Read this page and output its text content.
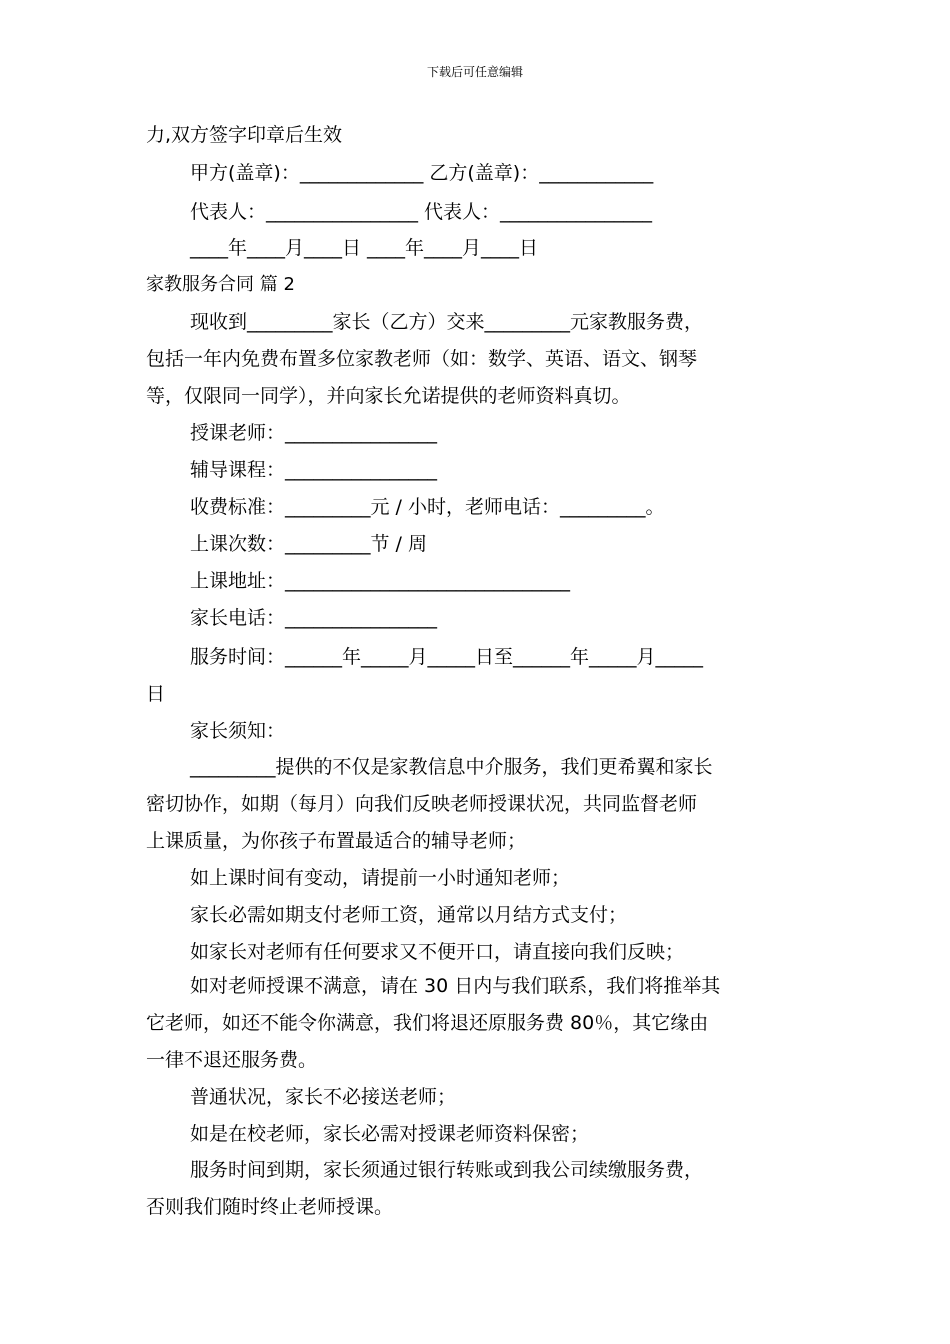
下载后可任意编辑
力,双方签字印章后生效
甲方(盖章)：_____________ 乙方(盖章)：____________
代表人：________________ 代表人：________________
____年____月____日 ____年____月____日
家教服务合同 篇 2
现收到_________家长（乙方）交来_________元家教服务费，
包括一年内免费布置多位家教老师（如：数学、英语、语文、钢琴
等，仅限同一同学），并向家长允诺提供的老师资料真切。
授课老师：________________
辅导课程：________________
收费标准：_________元 / 小时，老师电话：_________。
上课次数：_________节 / 周
上课地址：______________________________
家长电话：________________
服务时间：______年_____月_____日至______年_____月_____
日
家长须知：
_________提供的不仅是家教信息中介服务，我们更希翼和家长
密切协作，如期（每月）向我们反映老师授课状况，共同监督老师
上课质量，为你孩子布置最适合的辅导老师；
如上课时间有变动，请提前一小时通知老师；
家长必需如期支付老师工资，通常以月结方式支付；
如家长对老师有任何要求又不便开口，请直接向我们反映；
如对老师授课不满意，请在 30 日内与我们联系，我们将推举其
它老师，如还不能令你满意，我们将退还原服务费 80％，其它缘由
一律不退还服务费。
普通状况，家长不必接送老师；
如是在校老师，家长必需对授课老师资料保密；
服务时间到期，家长须通过银行转账或到我公司续缴服务费，
否则我们随时终止老师授课。
